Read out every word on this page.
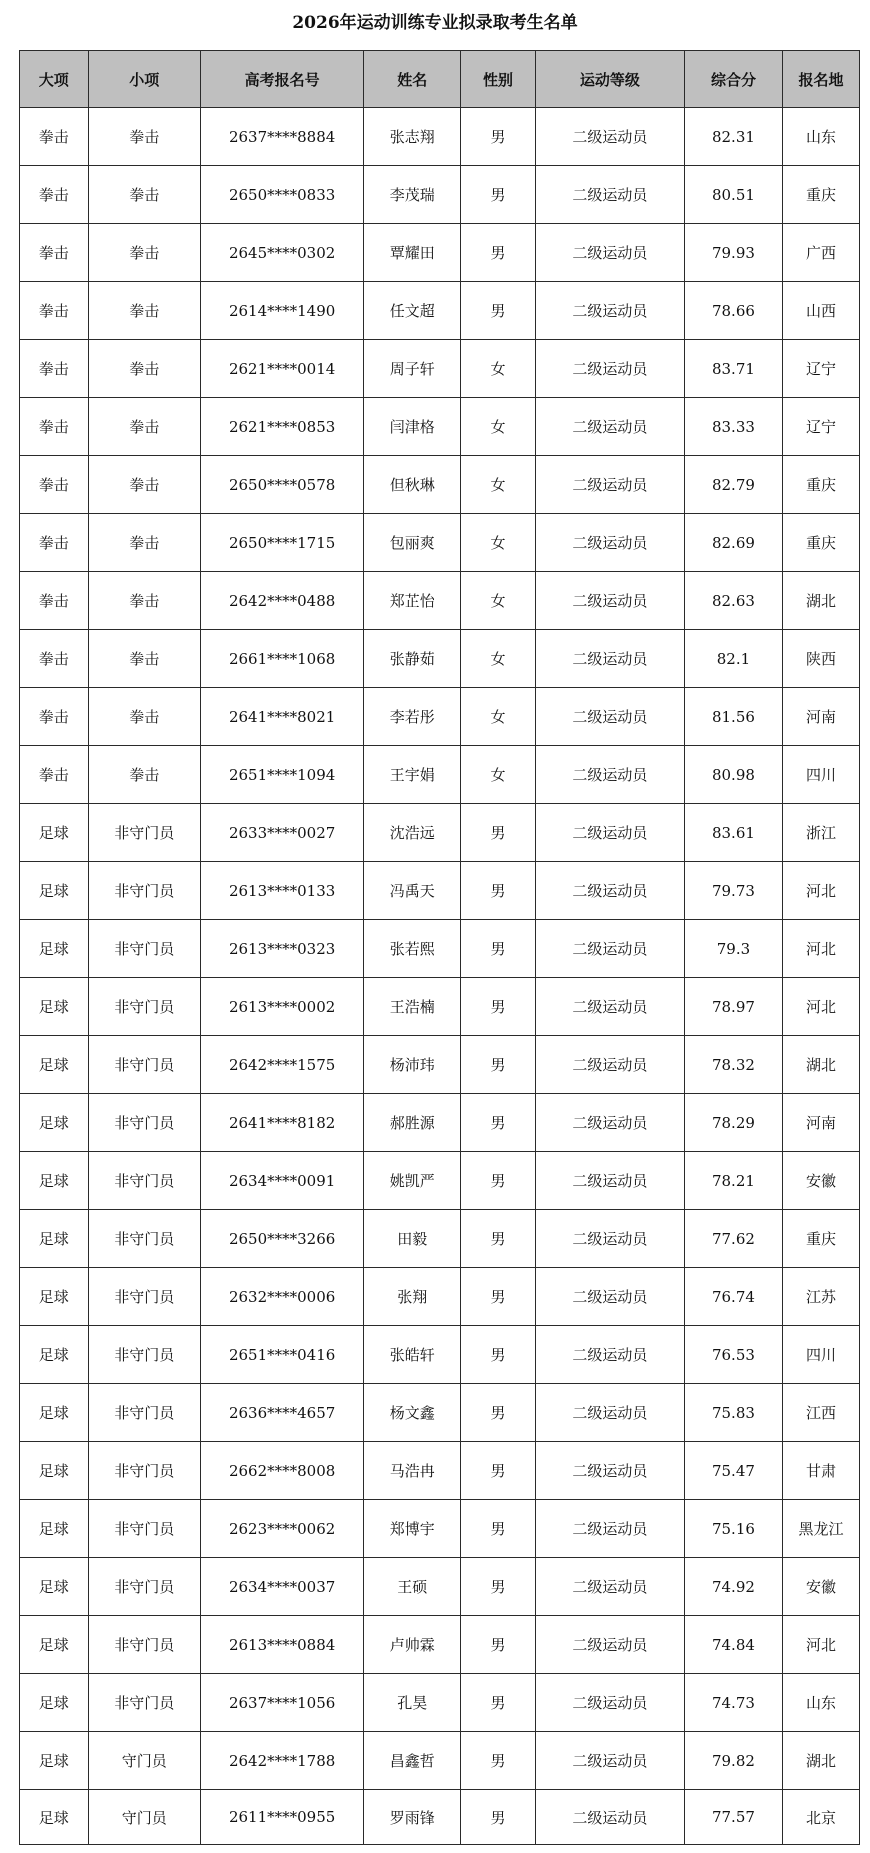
2026年运动训练专业拟录取考生名单
大项	小项	高考报名号	姓名	性别	运动等级	综合分	报名地
拳击	拳击	2637****8884	张志翔	男	二级运动员	82.31	山东
拳击	拳击	2650****0833	李茂瑞	男	二级运动员	80.51	重庆
拳击	拳击	2645****0302	覃耀田	男	二级运动员	79.93	广西
拳击	拳击	2614****1490	任文超	男	二级运动员	78.66	山西
拳击	拳击	2621****0014	周子轩	女	二级运动员	83.71	辽宁
拳击	拳击	2621****0853	闫津格	女	二级运动员	83.33	辽宁
拳击	拳击	2650****0578	但秋琳	女	二级运动员	82.79	重庆
拳击	拳击	2650****1715	包丽爽	女	二级运动员	82.69	重庆
拳击	拳击	2642****0488	郑芷怡	女	二级运动员	82.63	湖北
拳击	拳击	2661****1068	张静茹	女	二级运动员	82.1	陕西
拳击	拳击	2641****8021	李若彤	女	二级运动员	81.56	河南
拳击	拳击	2651****1094	王宇娟	女	二级运动员	80.98	四川
足球	非守门员	2633****0027	沈浩远	男	二级运动员	83.61	浙江
足球	非守门员	2613****0133	冯禹天	男	二级运动员	79.73	河北
足球	非守门员	2613****0323	张若熙	男	二级运动员	79.3	河北
足球	非守门员	2613****0002	王浩楠	男	二级运动员	78.97	河北
足球	非守门员	2642****1575	杨沛玮	男	二级运动员	78.32	湖北
足球	非守门员	2641****8182	郝胜源	男	二级运动员	78.29	河南
足球	非守门员	2634****0091	姚凯严	男	二级运动员	78.21	安徽
足球	非守门员	2650****3266	田毅	男	二级运动员	77.62	重庆
足球	非守门员	2632****0006	张翔	男	二级运动员	76.74	江苏
足球	非守门员	2651****0416	张皓轩	男	二级运动员	76.53	四川
足球	非守门员	2636****4657	杨文鑫	男	二级运动员	75.83	江西
足球	非守门员	2662****8008	马浩冉	男	二级运动员	75.47	甘肃
足球	非守门员	2623****0062	郑博宇	男	二级运动员	75.16	黑龙江
足球	非守门员	2634****0037	王硕	男	二级运动员	74.92	安徽
足球	非守门员	2613****0884	卢帅霖	男	二级运动员	74.84	河北
足球	非守门员	2637****1056	孔昊	男	二级运动员	74.73	山东
足球	守门员	2642****1788	昌鑫哲	男	二级运动员	79.82	湖北
足球	守门员	2611****0955	罗雨锋	男	二级运动员	77.57	北京
